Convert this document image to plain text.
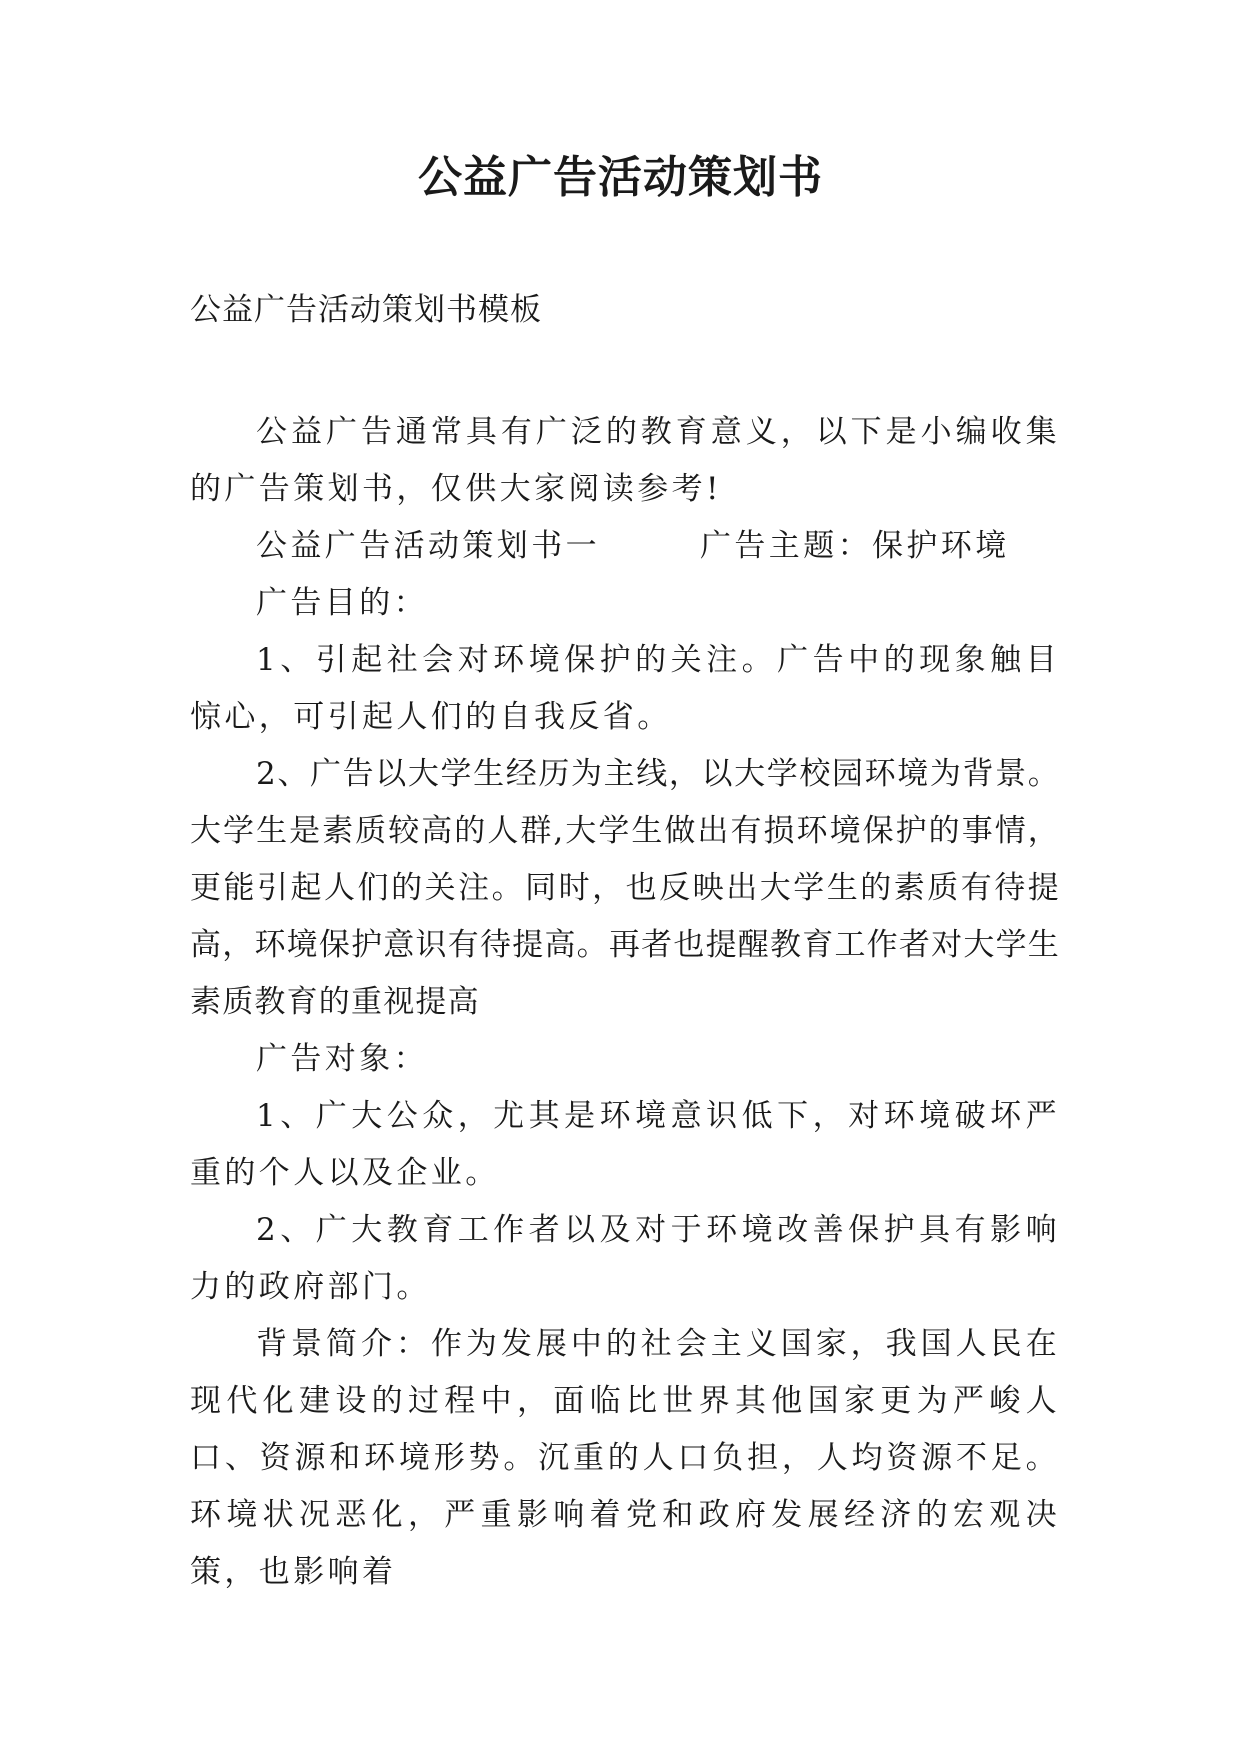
公益广告活动策划书

公益广告活动策划书模板

公益广告通常具有广泛的教育意义，以下是小编收集的广告策划书，仅供大家阅读参考!

公益广告活动策划书一	广告主题：保护环境

广告目的：

1、引起社会对环境保护的关注。广告中的现象触目惊心，可引起人们的自我反省。

2、广告以大学生经历为主线，以大学校园环境为背景。大学生是素质较高的人群,大学生做出有损环境保护的事情，更能引起人们的关注。同时，也反映出大学生的素质有待提高，环境保护意识有待提高。再者也提醒教育工作者对大学生素质教育的重视提高

广告对象：

1、广大公众，尤其是环境意识低下，对环境破坏严重的个人以及企业。

2、广大教育工作者以及对于环境改善保护具有影响力的政府部门。

背景简介：作为发展中的社会主义国家，我国人民在现代化建设的过程中，面临比世界其他国家更为严峻人口、资源和环境形势。沉重的人口负担，人均资源不足。环境状况恶化，严重影响着党和政府发展经济的宏观决策，也影响着
